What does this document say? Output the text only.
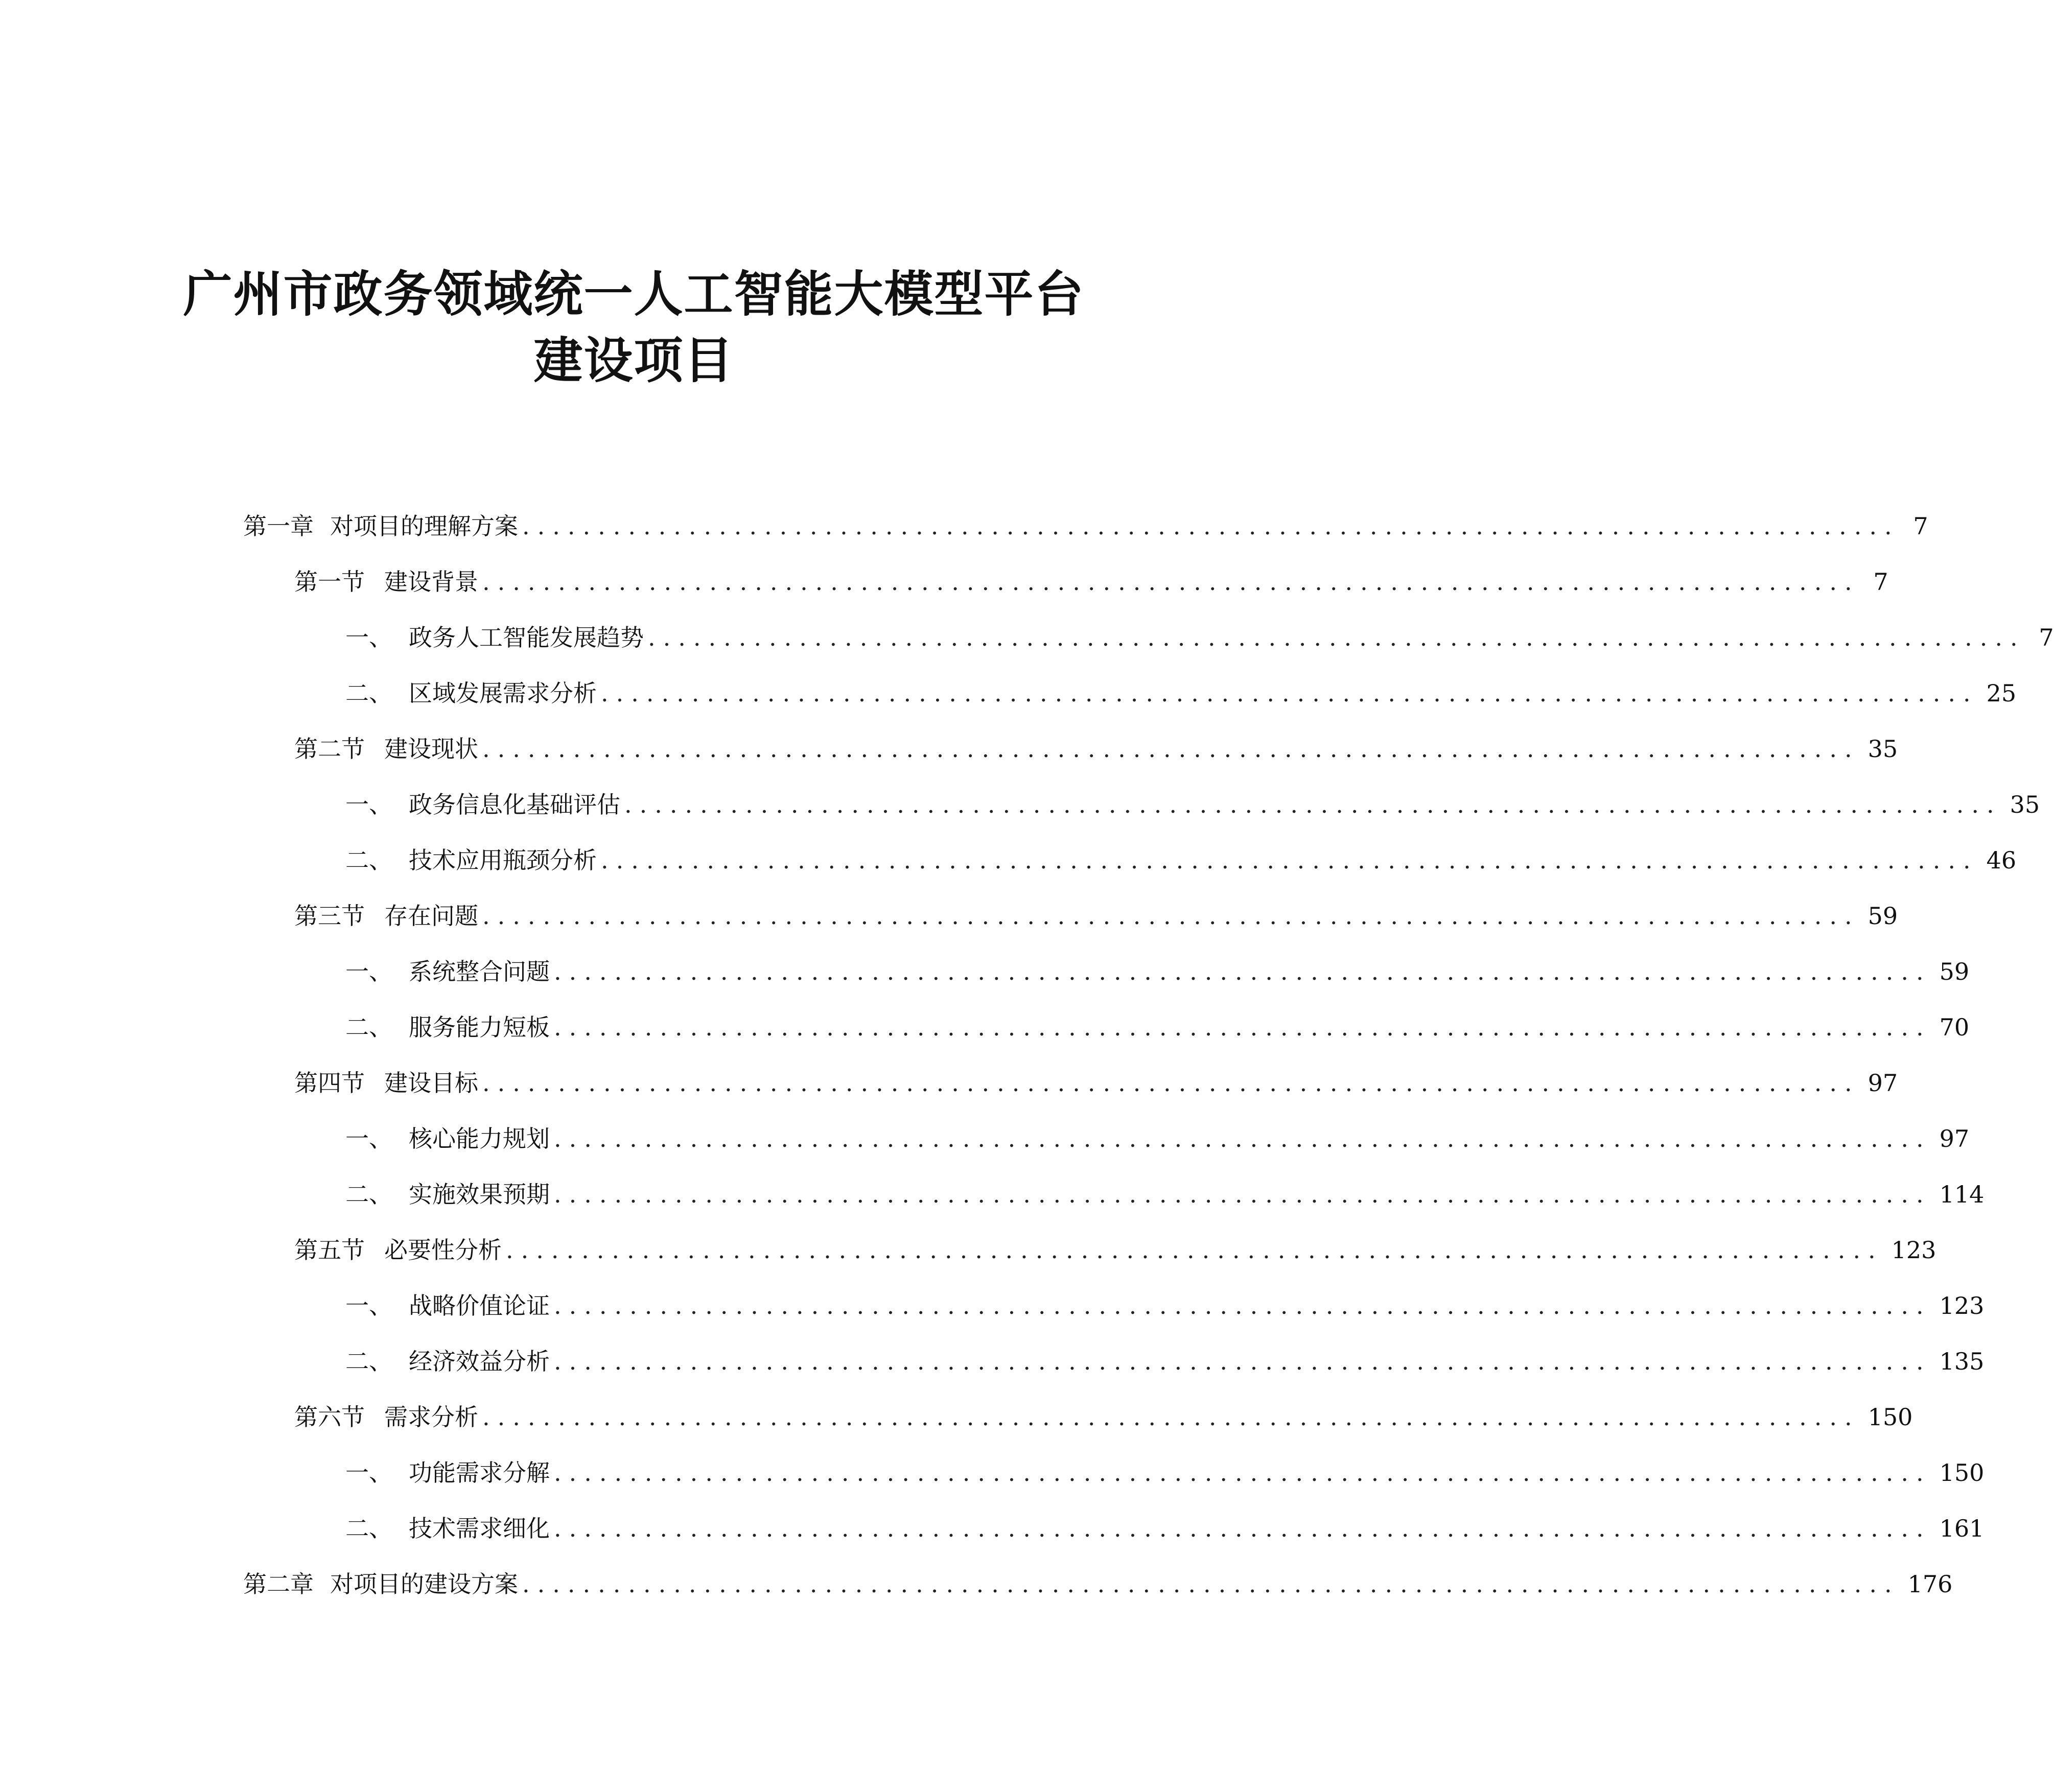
广州市政务领域统一人工智能大模型平台
建设项目
第一章 对项目的理解方案 ........................................................................................... 7
第一节 建设背景 ........................................................................................... 7
一、 政务人工智能发展趋势 ........................................................................................... 7
二、 区域发展需求分析 ........................................................................................... 25
第二节 建设现状 ........................................................................................... 35
一、 政务信息化基础评估 ........................................................................................... 35
二、 技术应用瓶颈分析 ........................................................................................... 46
第三节 存在问题 ........................................................................................... 59
一、 系统整合问题 ........................................................................................... 59
二、 服务能力短板 ........................................................................................... 70
第四节 建设目标 ........................................................................................... 97
一、 核心能力规划 ........................................................................................... 97
二、 实施效果预期 ........................................................................................... 114
第五节 必要性分析 ........................................................................................... 123
一、 战略价值论证 ........................................................................................... 123
二、 经济效益分析 ........................................................................................... 135
第六节 需求分析 ........................................................................................... 150
一、 功能需求分解 ........................................................................................... 150
二、 技术需求细化 ........................................................................................... 161
第二章 对项目的建设方案 ........................................................................................... 176
